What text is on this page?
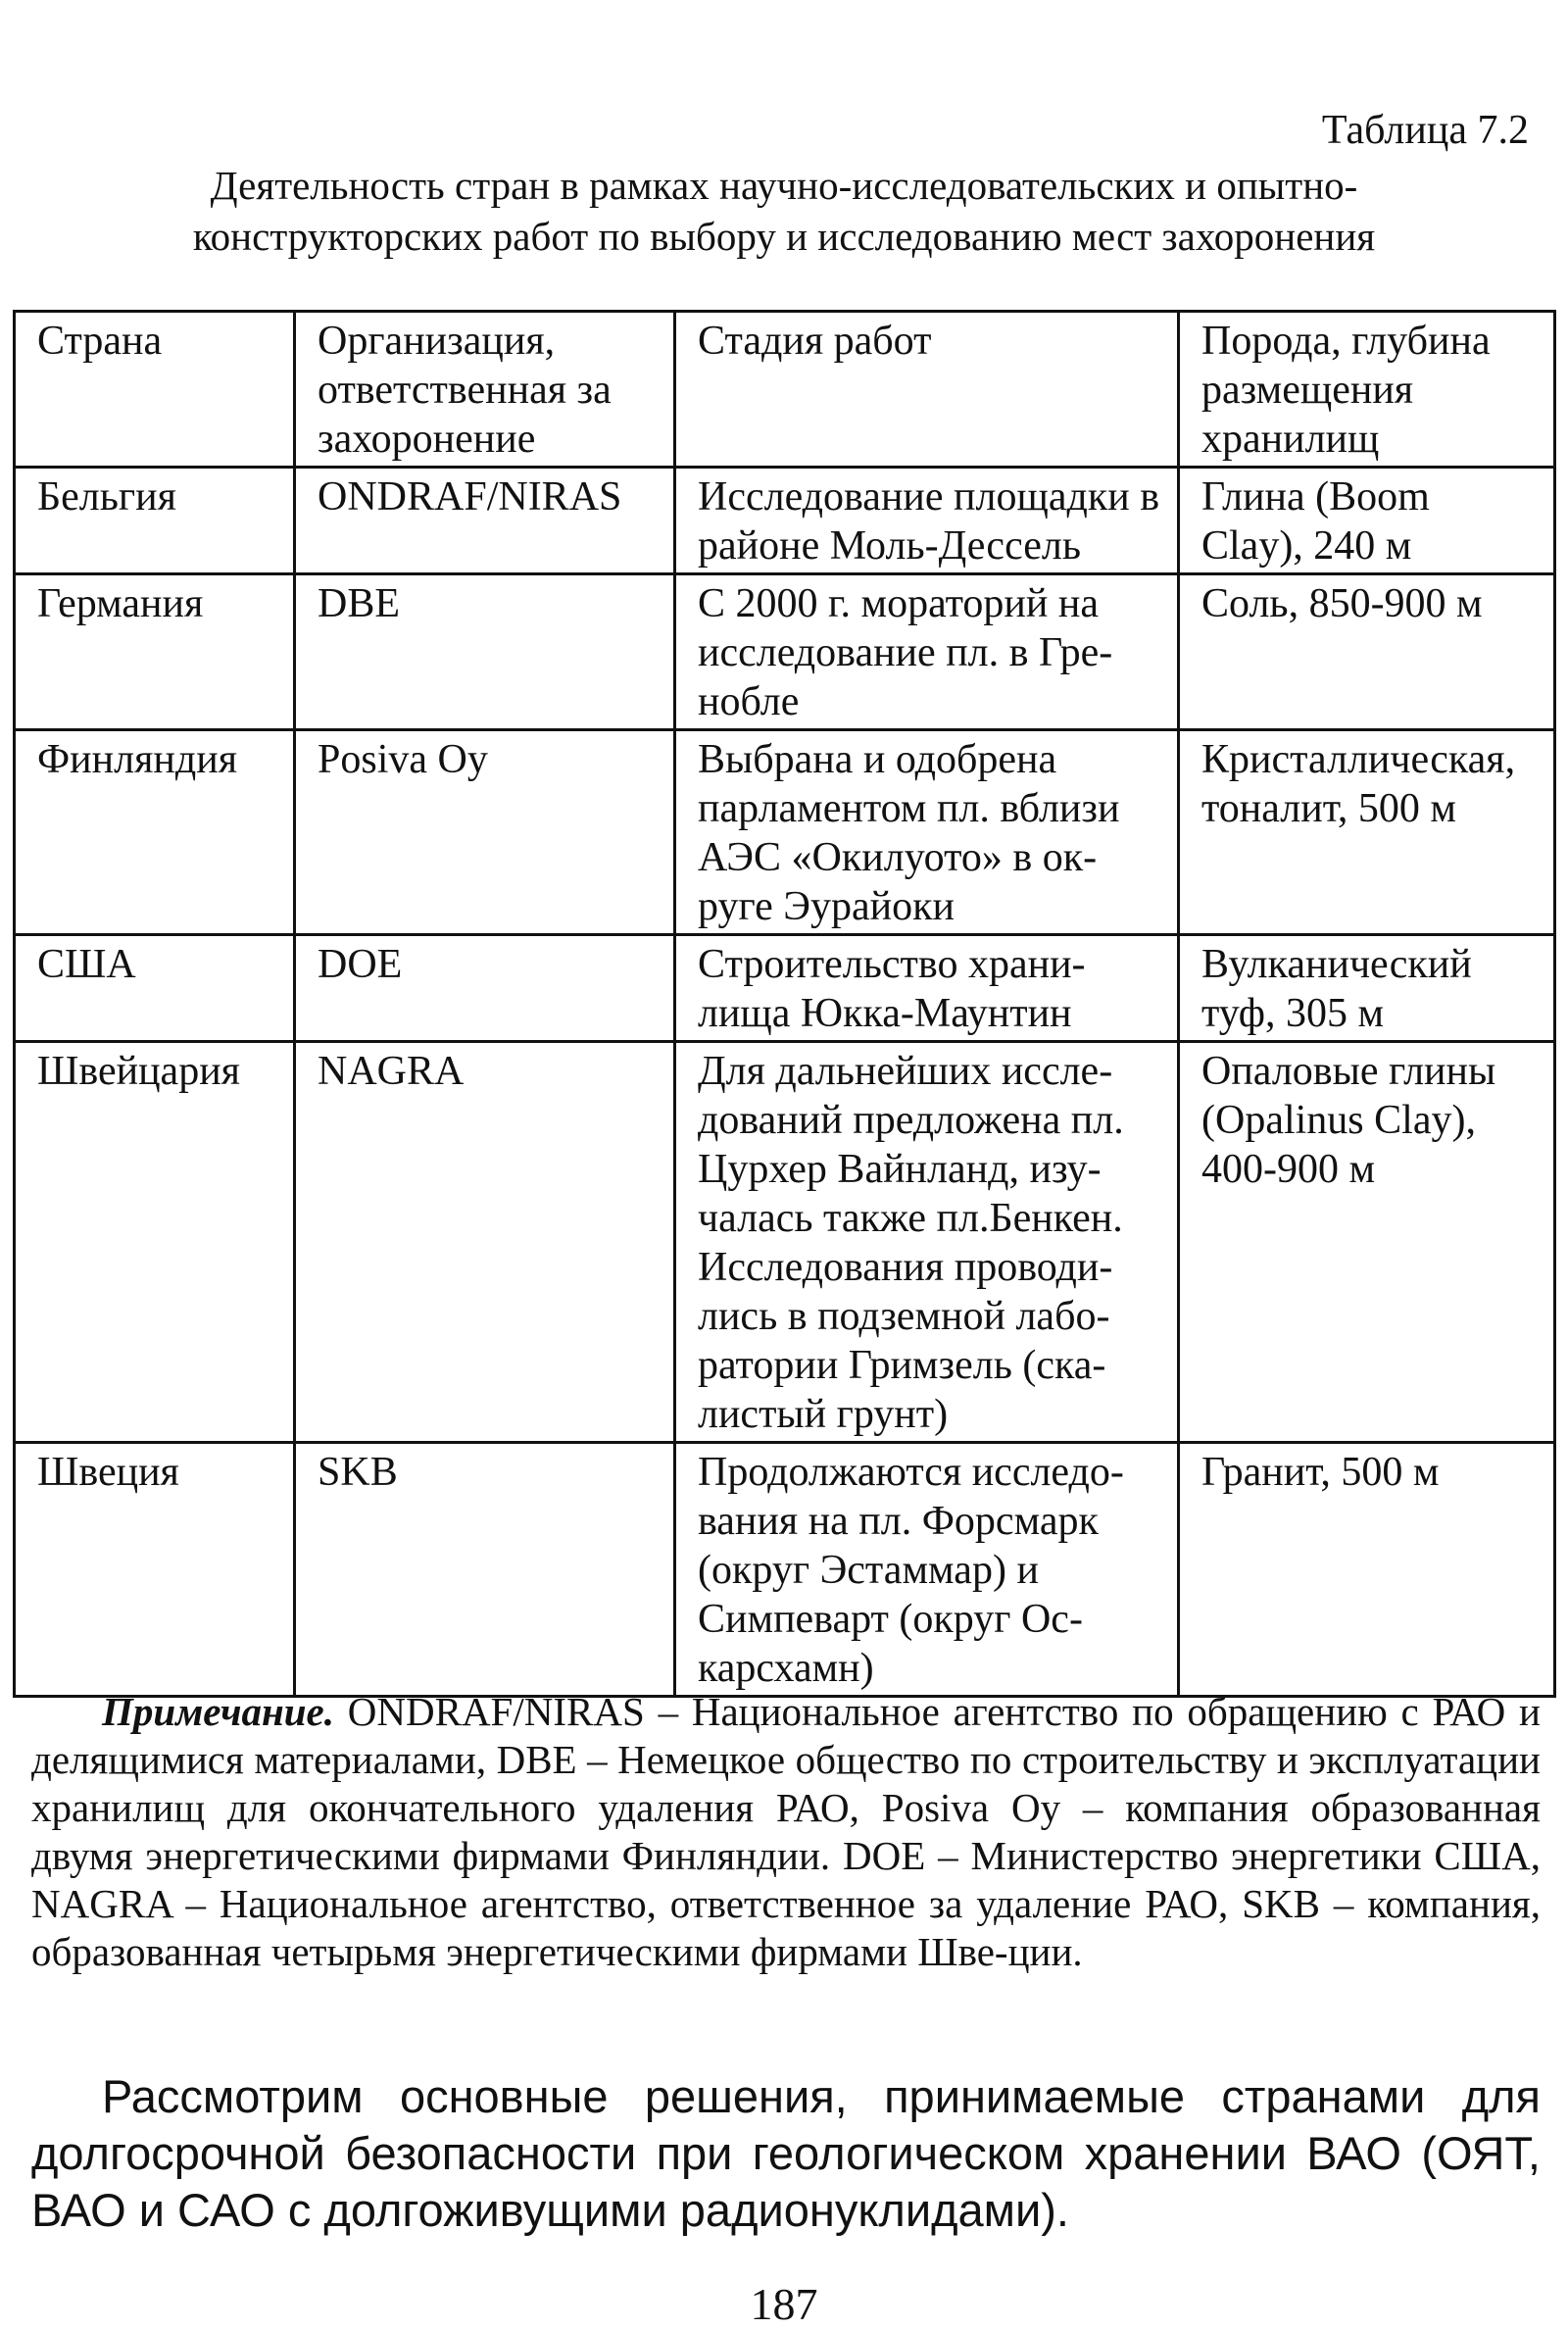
Таблица 7.2
Деятельность стран в рамках научно-исследовательских и опытно-конструкторских работ по выбору и исследованию мест захоронения
Страна	Организация, ответственная за захоронение	Стадия работ	Порода, глубина размещения хранилищ
Бельгия	ONDRAF/NIRAS	Исследование площадки в районе Моль-Дессель	Глина (Boom Clay), 240 м
Германия	DBE	С 2000 г. мораторий на исследование пл. в Гре-нобле	Соль, 850-900 м
Финляндия	Posiva Oy	Выбрана и одобрена парламентом пл. вблизи АЭС «Окилуото» в ок-руге Эурайоки	Кристаллическая, тоналит, 500 м
США	DOE	Строительство храни-лища Юкка-Маунтин	Вулканический туф, 305 м
Швейцария	NAGRA	Для дальнейших иссле-дований предложена пл. Цурхер Вайнланд, изу-чалась также пл.Бенкен. Исследования проводи-лись в подземной лабо-ратории Гримзель (ска-листый грунт)	Опаловые глины (Opalinus Clay), 400-900 м
Швеция	SKB	Продолжаются исследо-вания на пл. Форсмарк (округ Эстаммар) и Симпеварт (округ Ос-карсхамн)	Гранит, 500 м
Примечание. ONDRAF/NIRAS – Национальное агентство по обращению с РАО и делящимися материалами, DBE – Немецкое общество по строительству и эксплуатации хранилищ для окончательного удаления РАО, Posiva Oy – компания образованная двумя энергетическими фирмами Финляндии. DOE – Министерство энергетики США, NAGRA – Национальное агентство, ответственное за удаление РАО, SKB – компания, образованная четырьмя энергетическими фирмами Шве-ции.
Рассмотрим основные решения, принимаемые странами для долгосрочной безопасности при геологическом хранении ВАО (ОЯТ, ВАО и САО с долгоживущими радионуклидами).
187
